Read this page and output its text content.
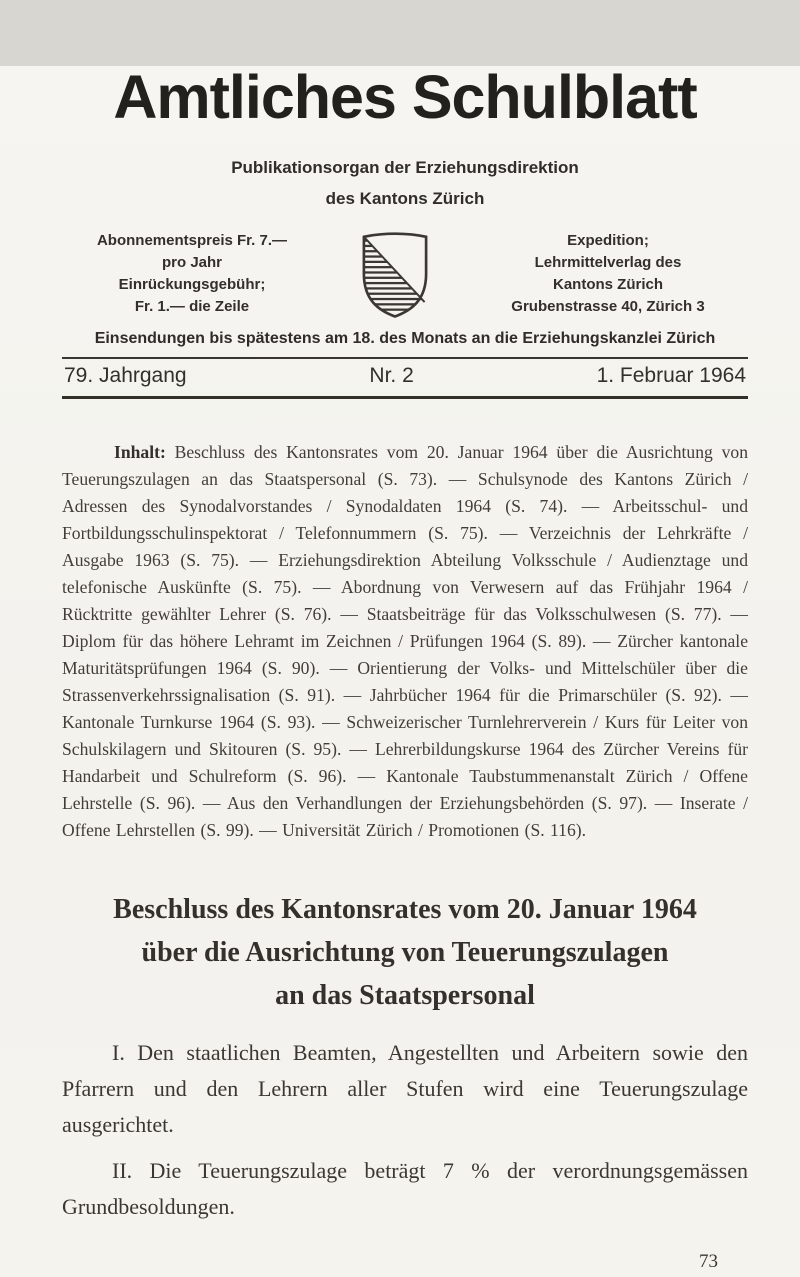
Amtliches Schulblatt
Publikationsorgan der Erziehungsdirektion
des Kantons Zürich
Abonnementspreis Fr. 7.—
pro Jahr
Einrückungsgebühr;
Fr. 1.— die Zeile
Expedition;
Lehrmittelverlag des
Kantons Zürich
Grubenstrasse 40, Zürich 3
Einsendungen bis spätestens am 18. des Monats an die Erziehungskanzlei Zürich
79. Jahrgang	Nr. 2	1. Februar 1964

Inhalt: Beschluss des Kantonsrates vom 20. Januar 1964 über die Ausrichtung von Teuerungszulagen an das Staatspersonal (S. 73). — Schulsynode des Kantons Zürich / Adressen des Synodalvorstandes / Synodaldaten 1964 (S. 74). — Arbeitsschul- und Fortbildungsschulinspektorat / Telefonnummern (S. 75). — Verzeichnis der Lehrkräfte / Ausgabe 1963 (S. 75). — Erziehungsdirektion Abteilung Volksschule / Audienztage und telefonische Auskünfte (S. 75). — Abordnung von Verwesern auf das Frühjahr 1964 / Rücktritte gewählter Lehrer (S. 76). — Staatsbeiträge für das Volksschulwesen (S. 77). — Diplom für das höhere Lehramt im Zeichnen / Prüfungen 1964 (S. 89). — Zürcher kantonale Maturitätsprüfungen 1964 (S. 90). — Orientierung der Volks- und Mittelschüler über die Strassenverkehrssignalisation (S. 91). — Jahrbücher 1964 für die Primarschüler (S. 92). — Kantonale Turnkurse 1964 (S. 93). — Schweizerischer Turnlehrerverein / Kurs für Leiter von Schulskilagern und Skitouren (S. 95). — Lehrerbildungskurse 1964 des Zürcher Vereins für Handarbeit und Schulreform (S. 96). — Kantonale Taubstummenanstalt Zürich / Offene Lehrstelle (S. 96). — Aus den Verhandlungen der Erziehungsbehörden (S. 97). — Inserate / Offene Lehrstellen (S. 99). — Universität Zürich / Promotionen (S. 116).

Beschluss des Kantonsrates vom 20. Januar 1964
über die Ausrichtung von Teuerungszulagen
an das Staatspersonal

I. Den staatlichen Beamten, Angestellten und Arbeitern sowie den Pfarrern und den Lehrern aller Stufen wird eine Teuerungszulage ausgerichtet.

II. Die Teuerungszulage beträgt 7 % der verordnungsgemässen Grundbesoldungen.

73
